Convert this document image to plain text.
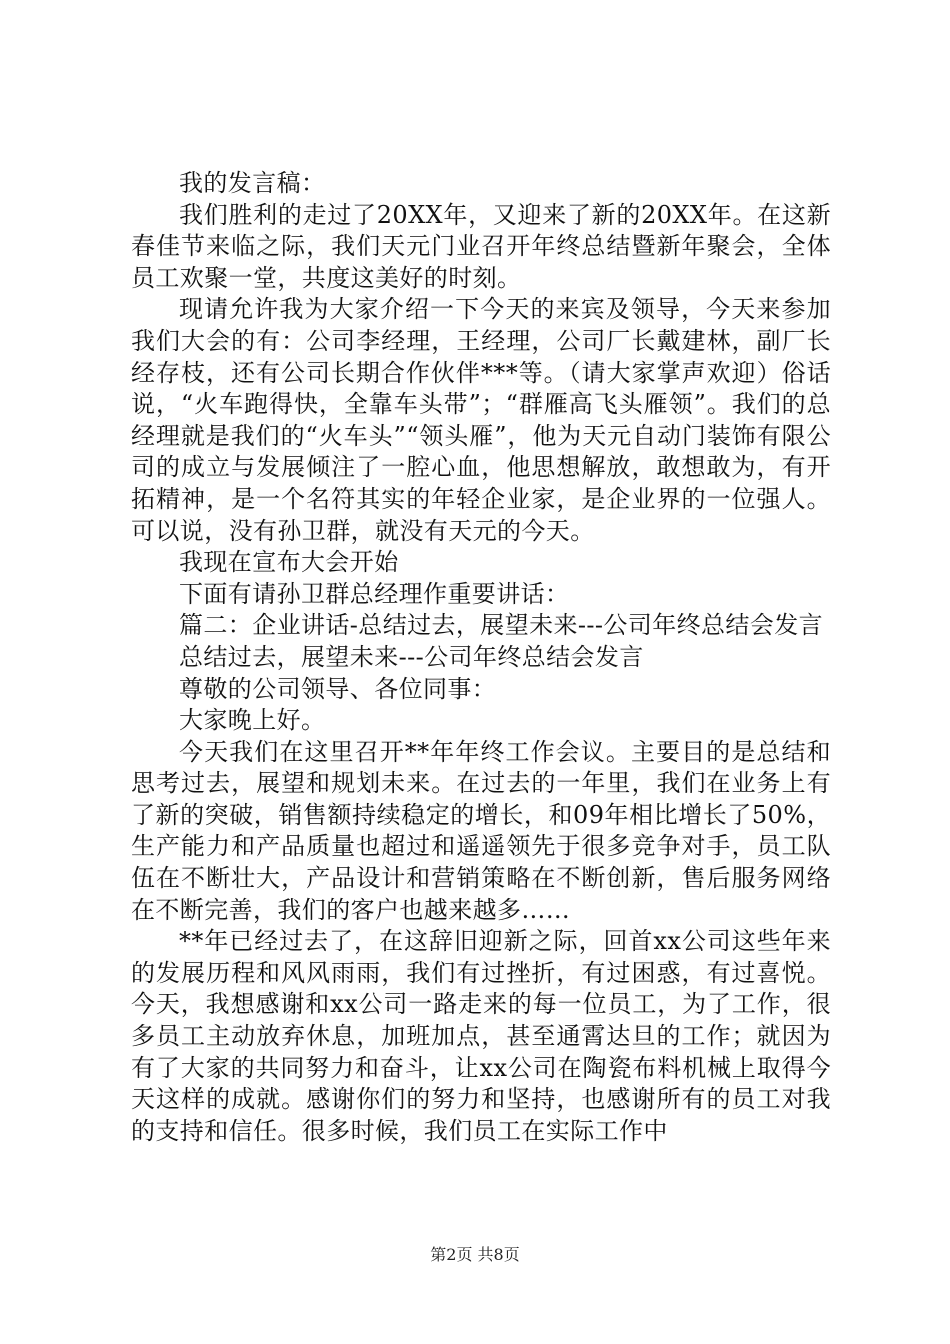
我的发言稿：

我们胜利的走过了20XX年，又迎来了新的20XX年。在这新春佳节来临之际，我们天元门业召开年终总结暨新年聚会，全体员工欢聚一堂，共度这美好的时刻。

现请允许我为大家介绍一下今天的来宾及领导，今天来参加我们大会的有：公司李经理，王经理，公司厂长戴建林，副厂长经存枝，还有公司长期合作伙伴***等。（请大家掌声欢迎）俗话说，“火车跑得快，全靠车头带”；“群雁高飞头雁领”。我们的总经理就是我们的“火车头”“领头雁”，他为天元自动门装饰有限公司的成立与发展倾注了一腔心血，他思想解放，敢想敢为，有开拓精神，是一个名符其实的年轻企业家，是企业界的一位强人。可以说，没有孙卫群，就没有天元的今天。

我现在宣布大会开始

下面有请孙卫群总经理作重要讲话：

篇二：企业讲话-总结过去，展望未来---公司年终总结会发言

总结过去，展望未来---公司年终总结会发言

尊敬的公司领导、各位同事：

大家晚上好。

今天我们在这里召开**年年终工作会议。主要目的是总结和思考过去，展望和规划未来。在过去的一年里，我们在业务上有了新的突破，销售额持续稳定的增长，和09年相比增长了50%，生产能力和产品质量也超过和遥遥领先于很多竞争对手，员工队伍在不断壮大，产品设计和营销策略在不断创新，售后服务网络在不断完善，我们的客户也越来越多……

**年已经过去了，在这辞旧迎新之际，回首xx公司这些年来的发展历程和风风雨雨，我们有过挫折，有过困惑，有过喜悦。今天，我想感谢和xx公司一路走来的每一位员工，为了工作，很多员工主动放弃休息，加班加点，甚至通霄达旦的工作；就因为有了大家的共同努力和奋斗，让xx公司在陶瓷布料机械上取得今天这样的成就。感谢你们的努力和坚持，也感谢所有的员工对我的支持和信任。很多时候，我们员工在实际工作中

第2页 共8页
